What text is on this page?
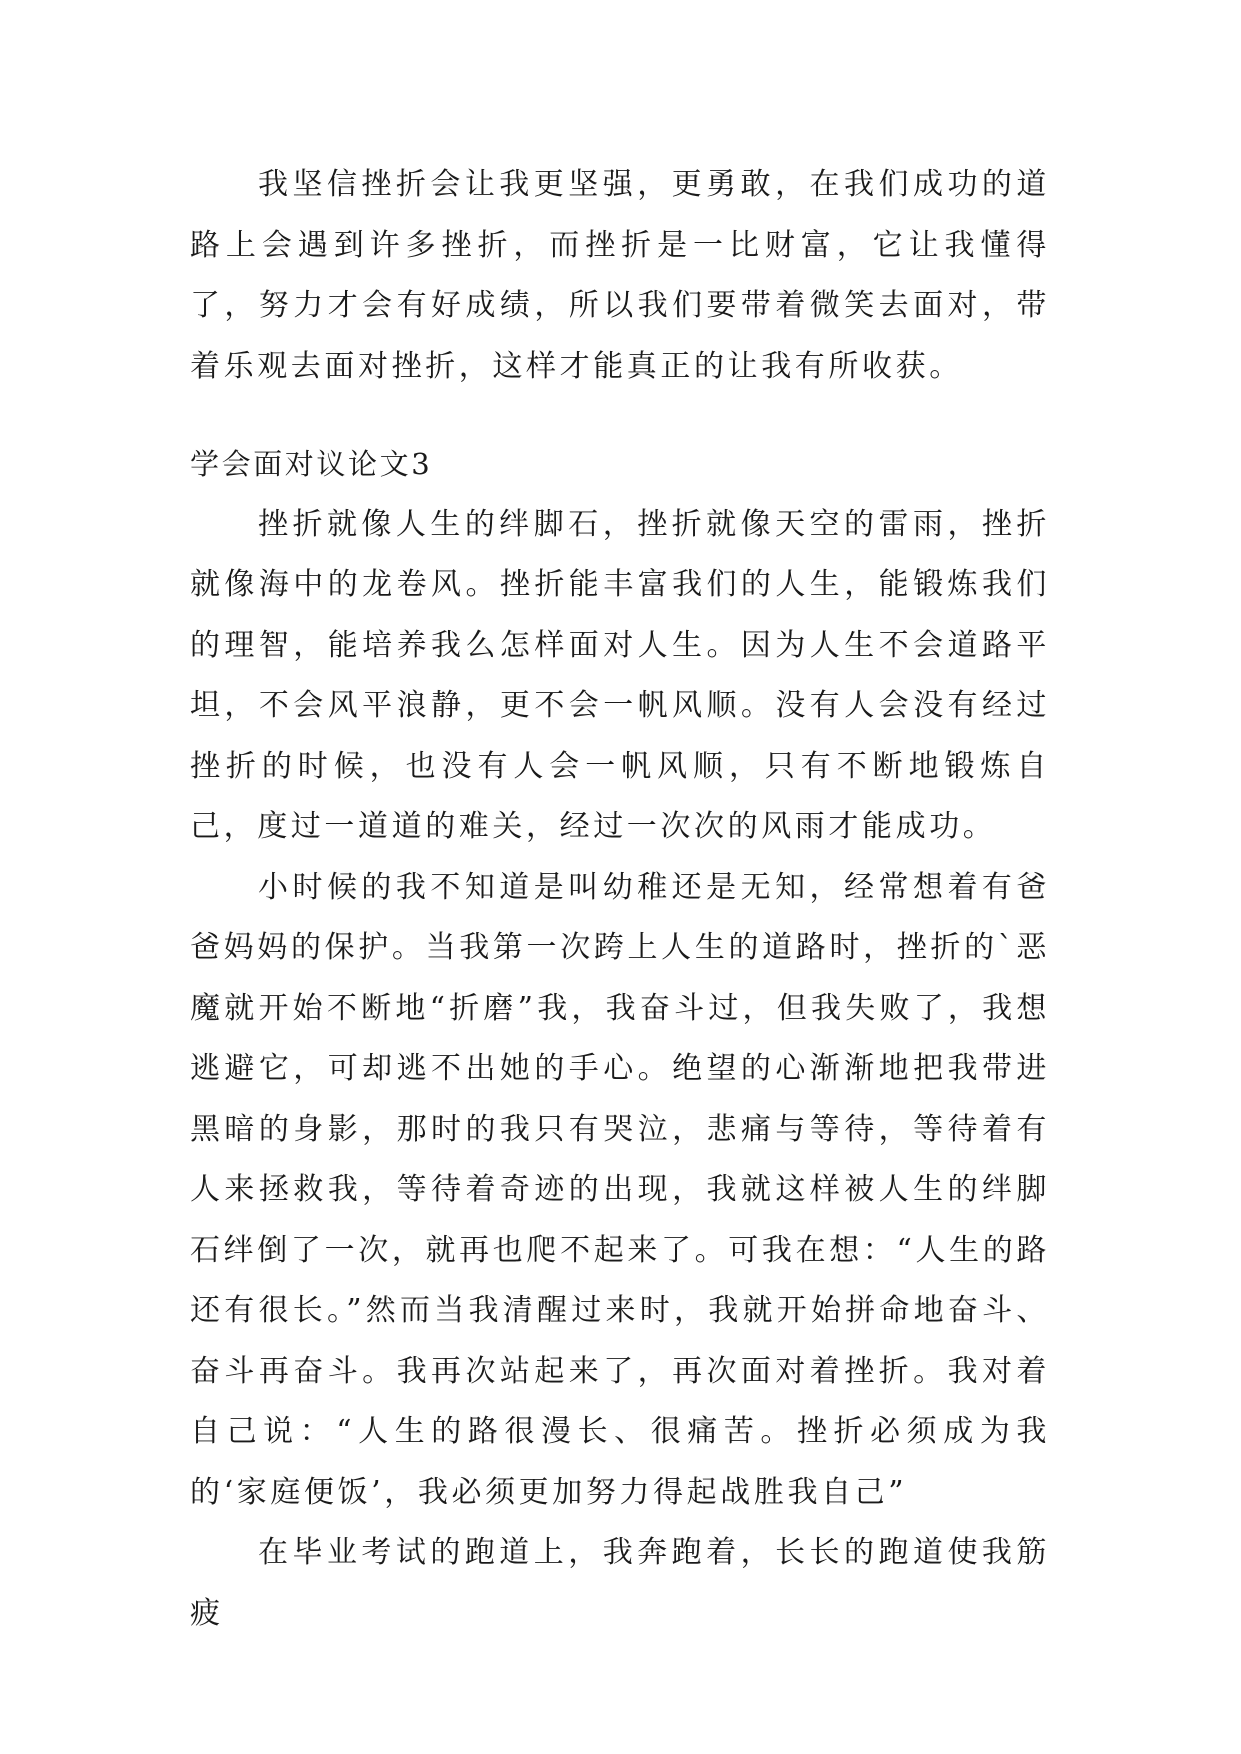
我坚信挫折会让我更坚强，更勇敢，在我们成功的道路上会遇到许多挫折，而挫折是一比财富，它让我懂得了，努力才会有好成绩，所以我们要带着微笑去面对，带着乐观去面对挫折，这样才能真正的让我有所收获。

学会面对议论文3

挫折就像人生的绊脚石，挫折就像天空的雷雨，挫折就像海中的龙卷风。挫折能丰富我们的人生，能锻炼我们的理智，能培养我么怎样面对人生。因为人生不会道路平坦，不会风平浪静，更不会一帆风顺。没有人会没有经过挫折的时候，也没有人会一帆风顺，只有不断地锻炼自己，度过一道道的难关，经过一次次的风雨才能成功。

小时候的我不知道是叫幼稚还是无知，经常想着有爸爸妈妈的保护。当我第一次跨上人生的道路时，挫折的`恶魔就开始不断地“折磨”我，我奋斗过，但我失败了，我想逃避它，可却逃不出她的手心。绝望的心渐渐地把我带进黑暗的身影，那时的我只有哭泣，悲痛与等待，等待着有人来拯救我，等待着奇迹的出现，我就这样被人生的绊脚石绊倒了一次，就再也爬不起来了。可我在想：“人生的路还有很长。”然而当我清醒过来时，我就开始拼命地奋斗、奋斗再奋斗。我再次站起来了，再次面对着挫折。我对着自己说：“人生的路很漫长、很痛苦。挫折必须成为我的‘家庭便饭’，我必须更加努力得起战胜我自己”

在毕业考试的跑道上，我奔跑着，长长的跑道使我筋疲
